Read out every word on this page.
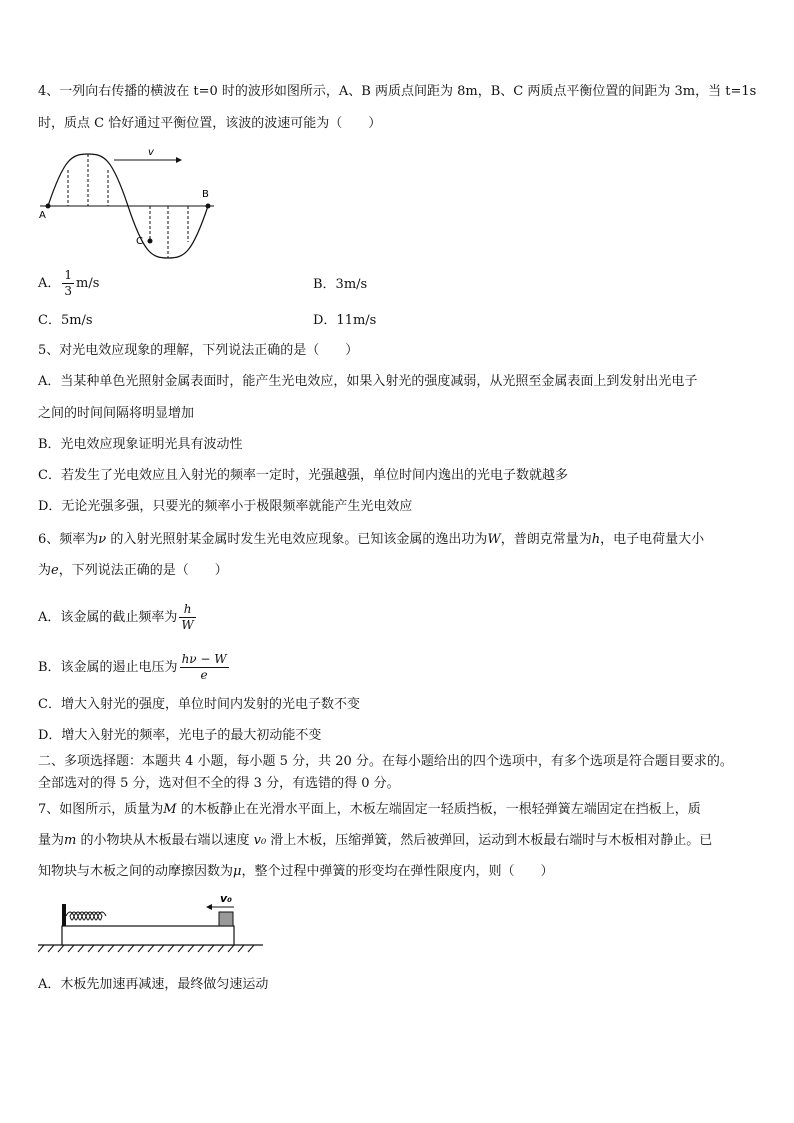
4、一列向右传播的横波在 t=0 时的波形如图所示，A、B 两质点间距为 8m，B、C 两质点平衡位置的间距为 3m，当 t=1s
时，质点 C 恰好通过平衡位置，该波的波速可能为（　　）
v
A
B
C
A． $\frac{1}{3} m/s$	B．3m/s
C．5m/s	D．11m/s
5、对光电效应现象的理解，下列说法正确的是（　　）
A．当某种单色光照射金属表面时，能产生光电效应，如果入射光的强度减弱，从光照至金属表面上到发射出光电子
之间的时间间隔将明显增加
B．光电效应现象证明光具有波动性
C．若发生了光电效应且入射光的频率一定时，光强越强，单位时间内逸出的光电子数就越多
D．无论光强多强，只要光的频率小于极限频率就能产生光电效应
6、频率为ν 的入射光照射某金属时发生光电效应现象。已知该金属的逸出功为W，普朗克常量为h，电子电荷量大小
为e，下列说法正确的是（　　）
A．该金属的截止频率为 $\frac{h}{W}$
B．该金属的遏止电压为 $\frac{h\nu - W}{e}$
C．增大入射光的强度，单位时间内发射的光电子数不变
D．增大入射光的频率，光电子的最大初动能不变
二、多项选择题：本题共 4 小题，每小题 5 分，共 20 分。在每小题给出的四个选项中，有多个选项是符合题目要求的。
全部选对的得 5 分，选对但不全的得 3 分，有选错的得 0 分。
7、如图所示，质量为M 的木板静止在光滑水平面上，木板左端固定一轻质挡板，一根轻弹簧左端固定在挡板上，质
量为m 的小物块从木板最右端以速度 v₀ 滑上木板，压缩弹簧，然后被弹回，运动到木板最右端时与木板相对静止。已
知物块与木板之间的动摩擦因数为μ，整个过程中弹簧的形变均在弹性限度内，则（　　）
v₀
A．木板先加速再减速，最终做匀速运动
